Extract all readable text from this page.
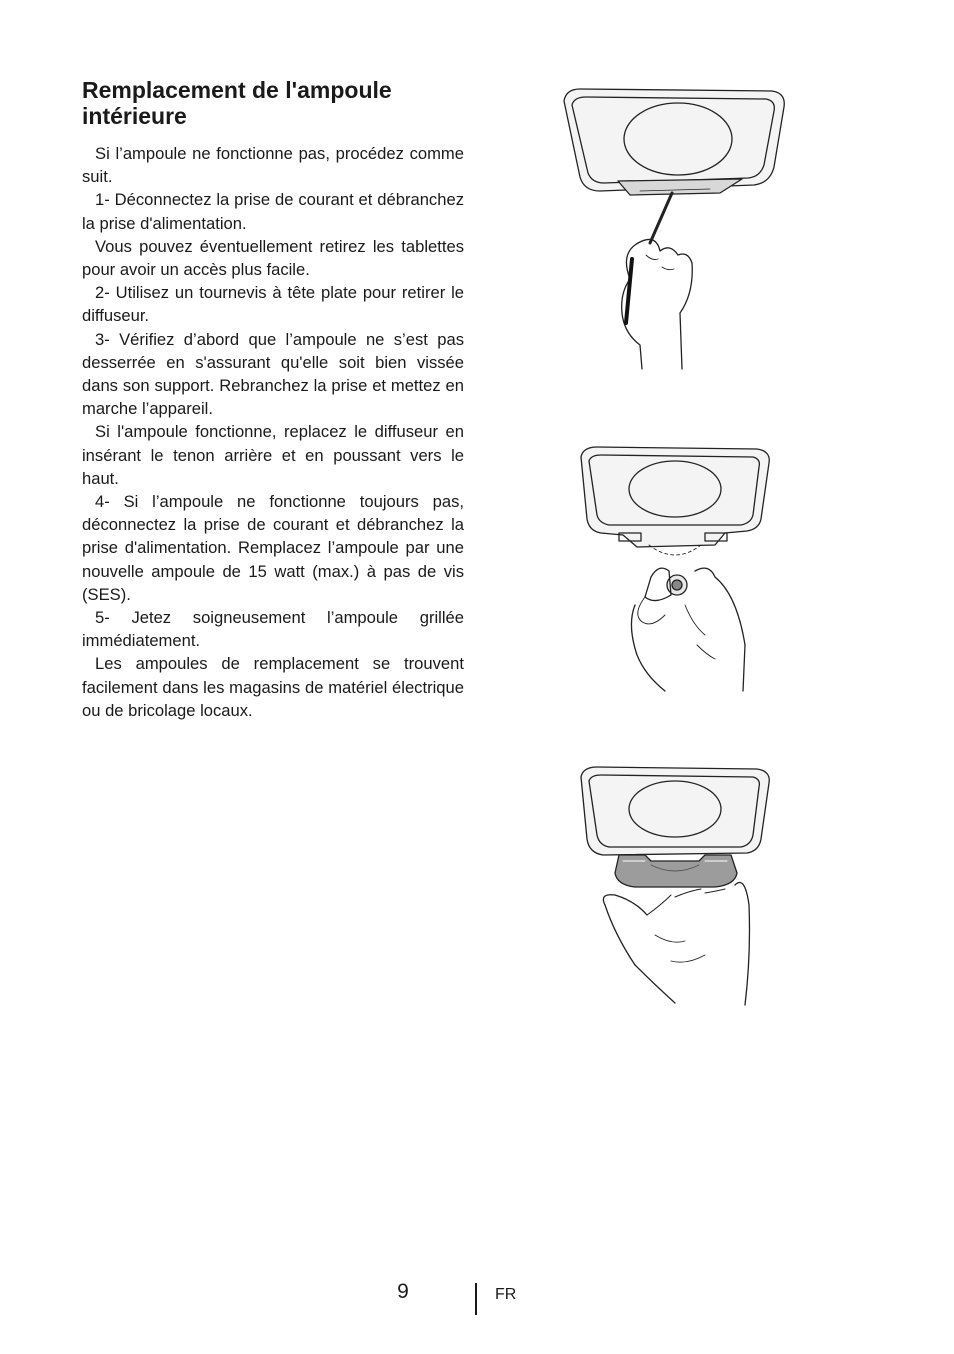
Remplacement de l'ampoule intérieure

Si l’ampoule ne fonctionne pas, procédez comme suit.

1- Déconnectez la prise de courant et débranchez la prise d'alimentation.

Vous pouvez éventuellement retirez les tablettes pour avoir un accès plus facile.

2- Utilisez un tournevis à tête plate pour retirer le diffuseur.

3- Vérifiez d’abord que l’ampoule ne s’est pas desserrée en s'assurant qu'elle soit bien vissée dans son support. Rebranchez la prise et mettez en marche l’appareil.

Si l'ampoule fonctionne, replacez le diffuseur en insérant le tenon arrière et en poussant vers le haut.

4- Si l’ampoule ne fonctionne toujours pas, déconnectez la prise de courant et débranchez la prise d'alimentation. Remplacez l’ampoule par une nouvelle ampoule de 15 watt (max.) à pas de vis (SES).

5- Jetez soigneusement l’ampoule grillée immédiatement.

Les ampoules de remplacement se trouvent facilement dans les magasins de matériel électrique ou de bricolage locaux.

9	FR
